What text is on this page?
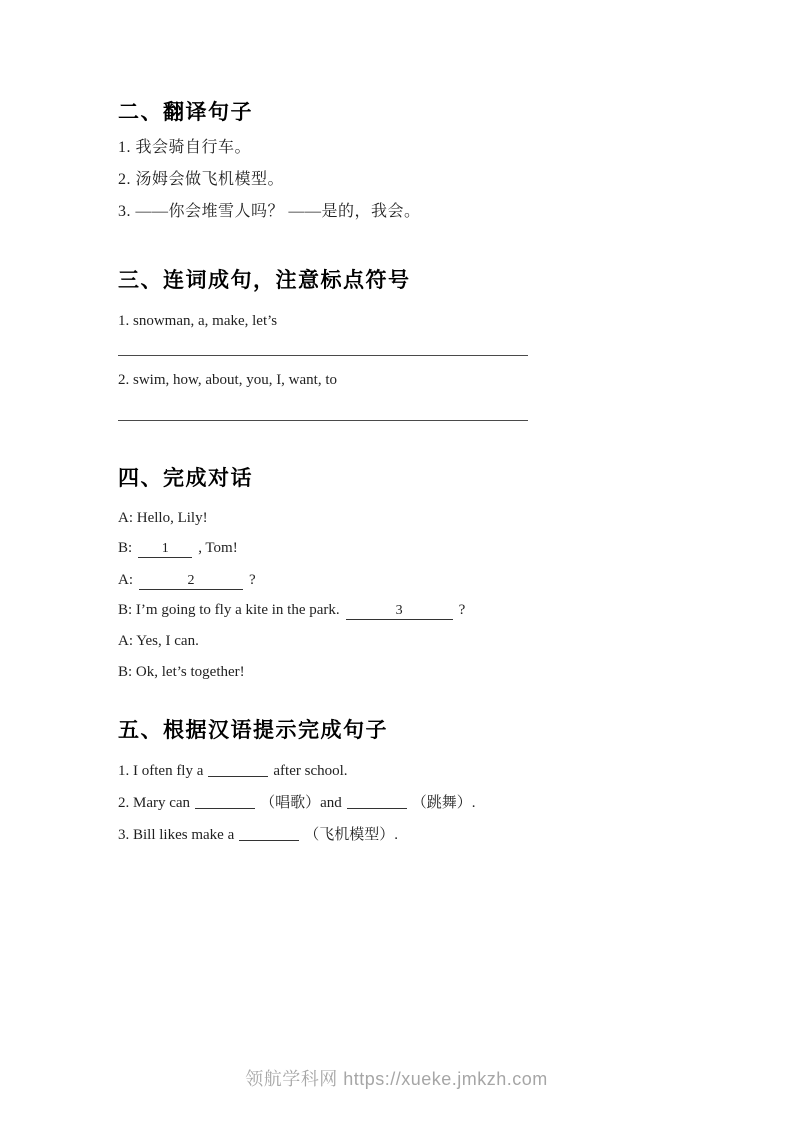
二、翻译句子

1. 我会骑自行车。

2. 汤姆会做飞机模型。

3. ——你会堆雪人吗？ ——是的，我会。

三、连词成句，注意标点符号

1. snowman, a, make, let’s

2. swim, how, about, you, I, want, to

四、完成对话

A: Hello, Lily!

B: 1 , Tom!

A:	2	?

B: I’m going to fly a kite in the park.	3	?

A: Yes, I can.

B: Ok, let’s together!

五、根据汉语提示完成句子

1. I often fly a	after school.

2. Mary can	（唱歌）and	（跳舞）.

3. Bill likes make a	（飞机模型）.

领航学科网 https://xueke.jmkzh.com
